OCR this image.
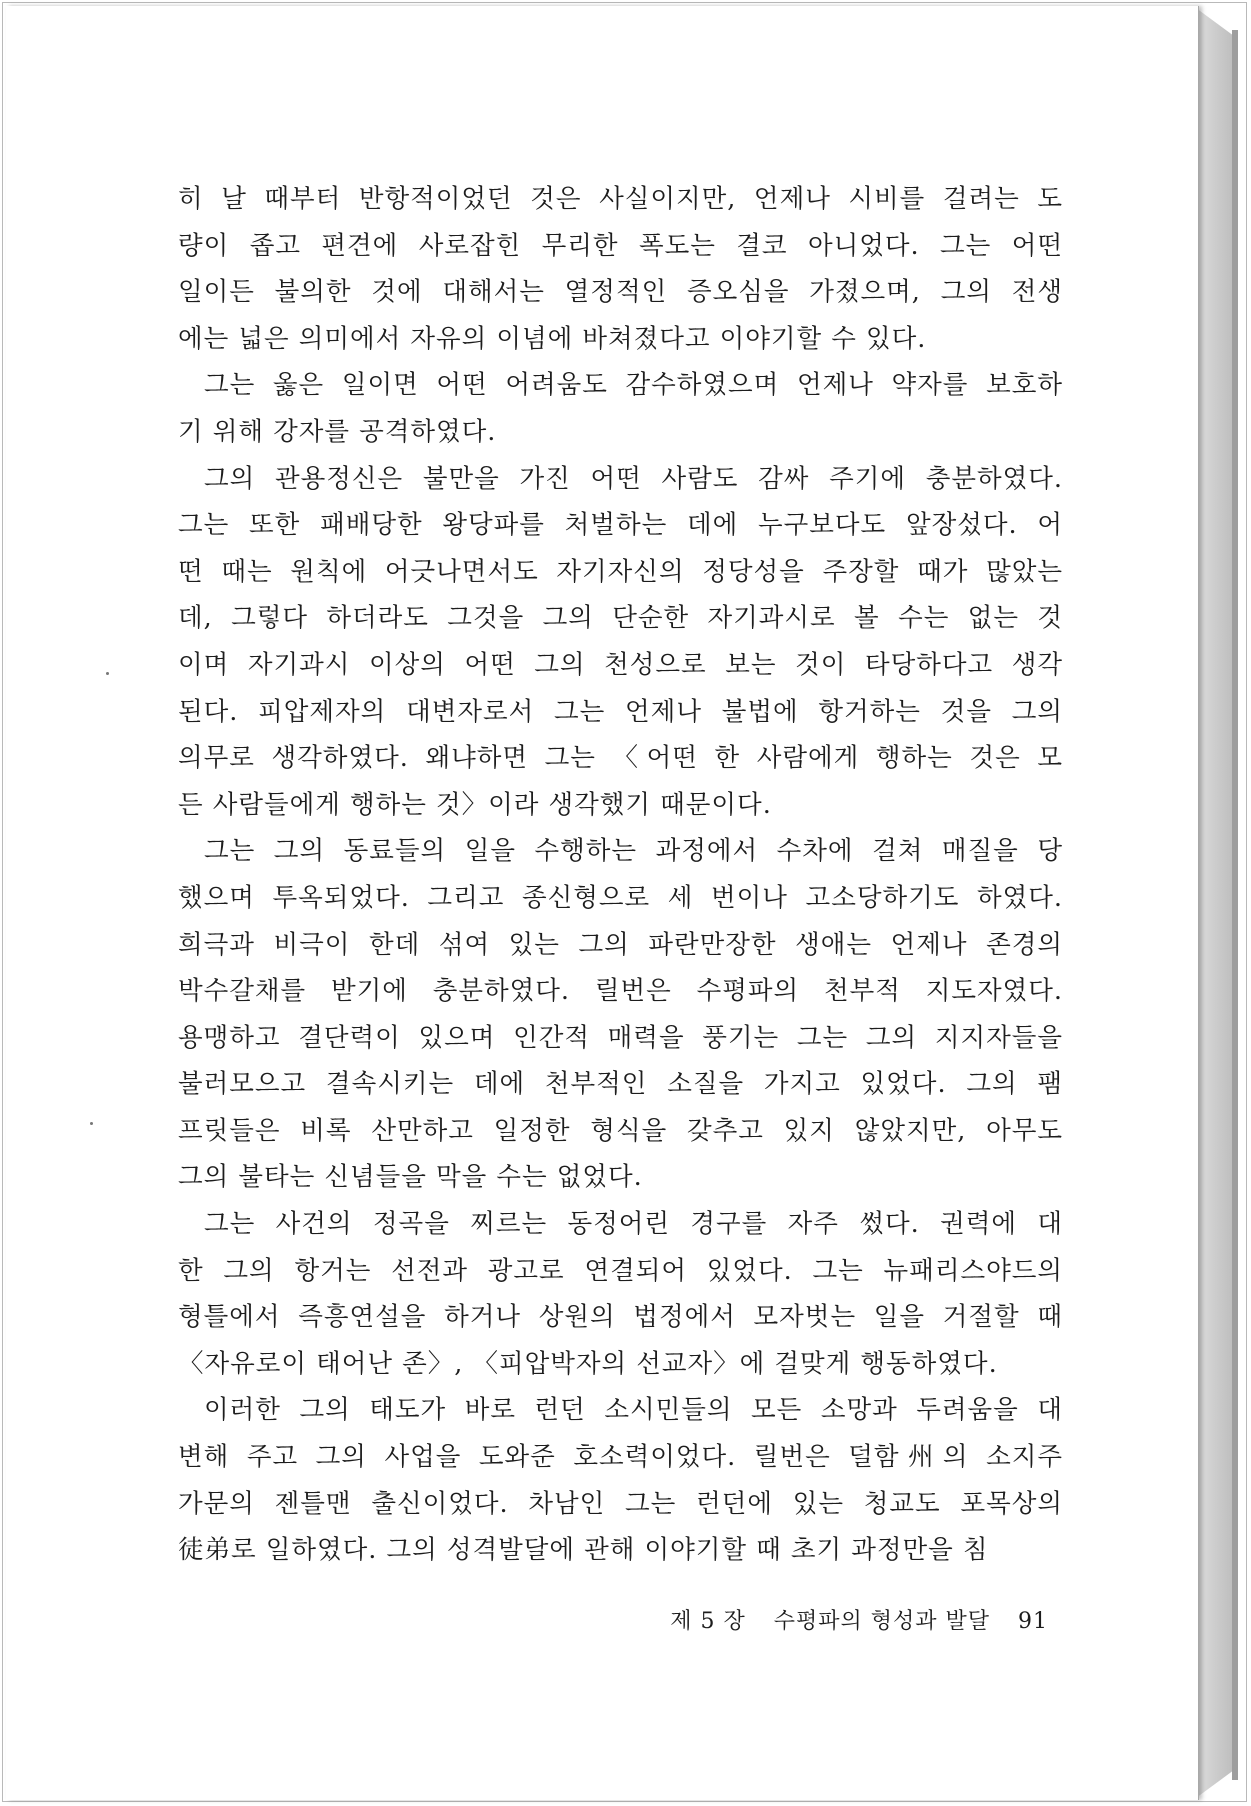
히 날 때부터 반항적이었던 것은 사실이지만, 언제나 시비를 걸려는 도
량이 좁고 편견에 사로잡힌 무리한 폭도는 결코 아니었다. 그는 어떤
일이든 불의한 것에 대해서는 열정적인 증오심을 가졌으며, 그의 전생
에는 넓은 의미에서 자유의 이념에 바쳐졌다고 이야기할 수 있다.
그는 옳은 일이면 어떤 어려움도 감수하였으며 언제나 약자를 보호하
기 위해 강자를 공격하였다.
그의 관용정신은 불만을 가진 어떤 사람도 감싸 주기에 충분하였다.
그는 또한 패배당한 왕당파를 처벌하는 데에 누구보다도 앞장섰다. 어
떤 때는 원칙에 어긋나면서도 자기자신의 정당성을 주장할 때가 많았는
데, 그렇다 하더라도 그것을 그의 단순한 자기과시로 볼 수는 없는 것
이며 자기과시 이상의 어떤 그의 천성으로 보는 것이 타당하다고 생각
된다. 피압제자의 대변자로서 그는 언제나 불법에 항거하는 것을 그의
의무로 생각하였다. 왜냐하면 그는 〈어떤 한 사람에게 행하는 것은 모
든 사람들에게 행하는 것〉이라 생각했기 때문이다.
그는 그의 동료들의 일을 수행하는 과정에서 수차에 걸쳐 매질을 당
했으며 투옥되었다. 그리고 종신형으로 세 번이나 고소당하기도 하였다.
희극과 비극이 한데 섞여 있는 그의 파란만장한 생애는 언제나 존경의
박수갈채를 받기에 충분하였다. 릴번은 수평파의 천부적 지도자였다.
용맹하고 결단력이 있으며 인간적 매력을 풍기는 그는 그의 지지자들을
불러모으고 결속시키는 데에 천부적인 소질을 가지고 있었다. 그의 팸
프릿들은 비록 산만하고 일정한 형식을 갖추고 있지 않았지만, 아무도
그의 불타는 신념들을 막을 수는 없었다.
그는 사건의 정곡을 찌르는 동정어린 경구를 자주 썼다. 권력에 대
한 그의 항거는 선전과 광고로 연결되어 있었다. 그는 뉴패리스야드의
형틀에서 즉흥연설을 하거나 상원의 법정에서 모자벗는 일을 거절할 때
〈자유로이 태어난 존〉, 〈피압박자의 선교자〉에 걸맞게 행동하였다.
이러한 그의 태도가 바로 런던 소시민들의 모든 소망과 두려움을 대
변해 주고 그의 사업을 도와준 호소력이었다. 릴번은 덜함州의 소지주
가문의 젠틀맨 출신이었다. 차남인 그는 런던에 있는 청교도 포목상의
徒弟로 일하였다. 그의 성격발달에 관해 이야기할 때 초기 과정만을 침
제 5 장 수평파의 형성과 발달 91
